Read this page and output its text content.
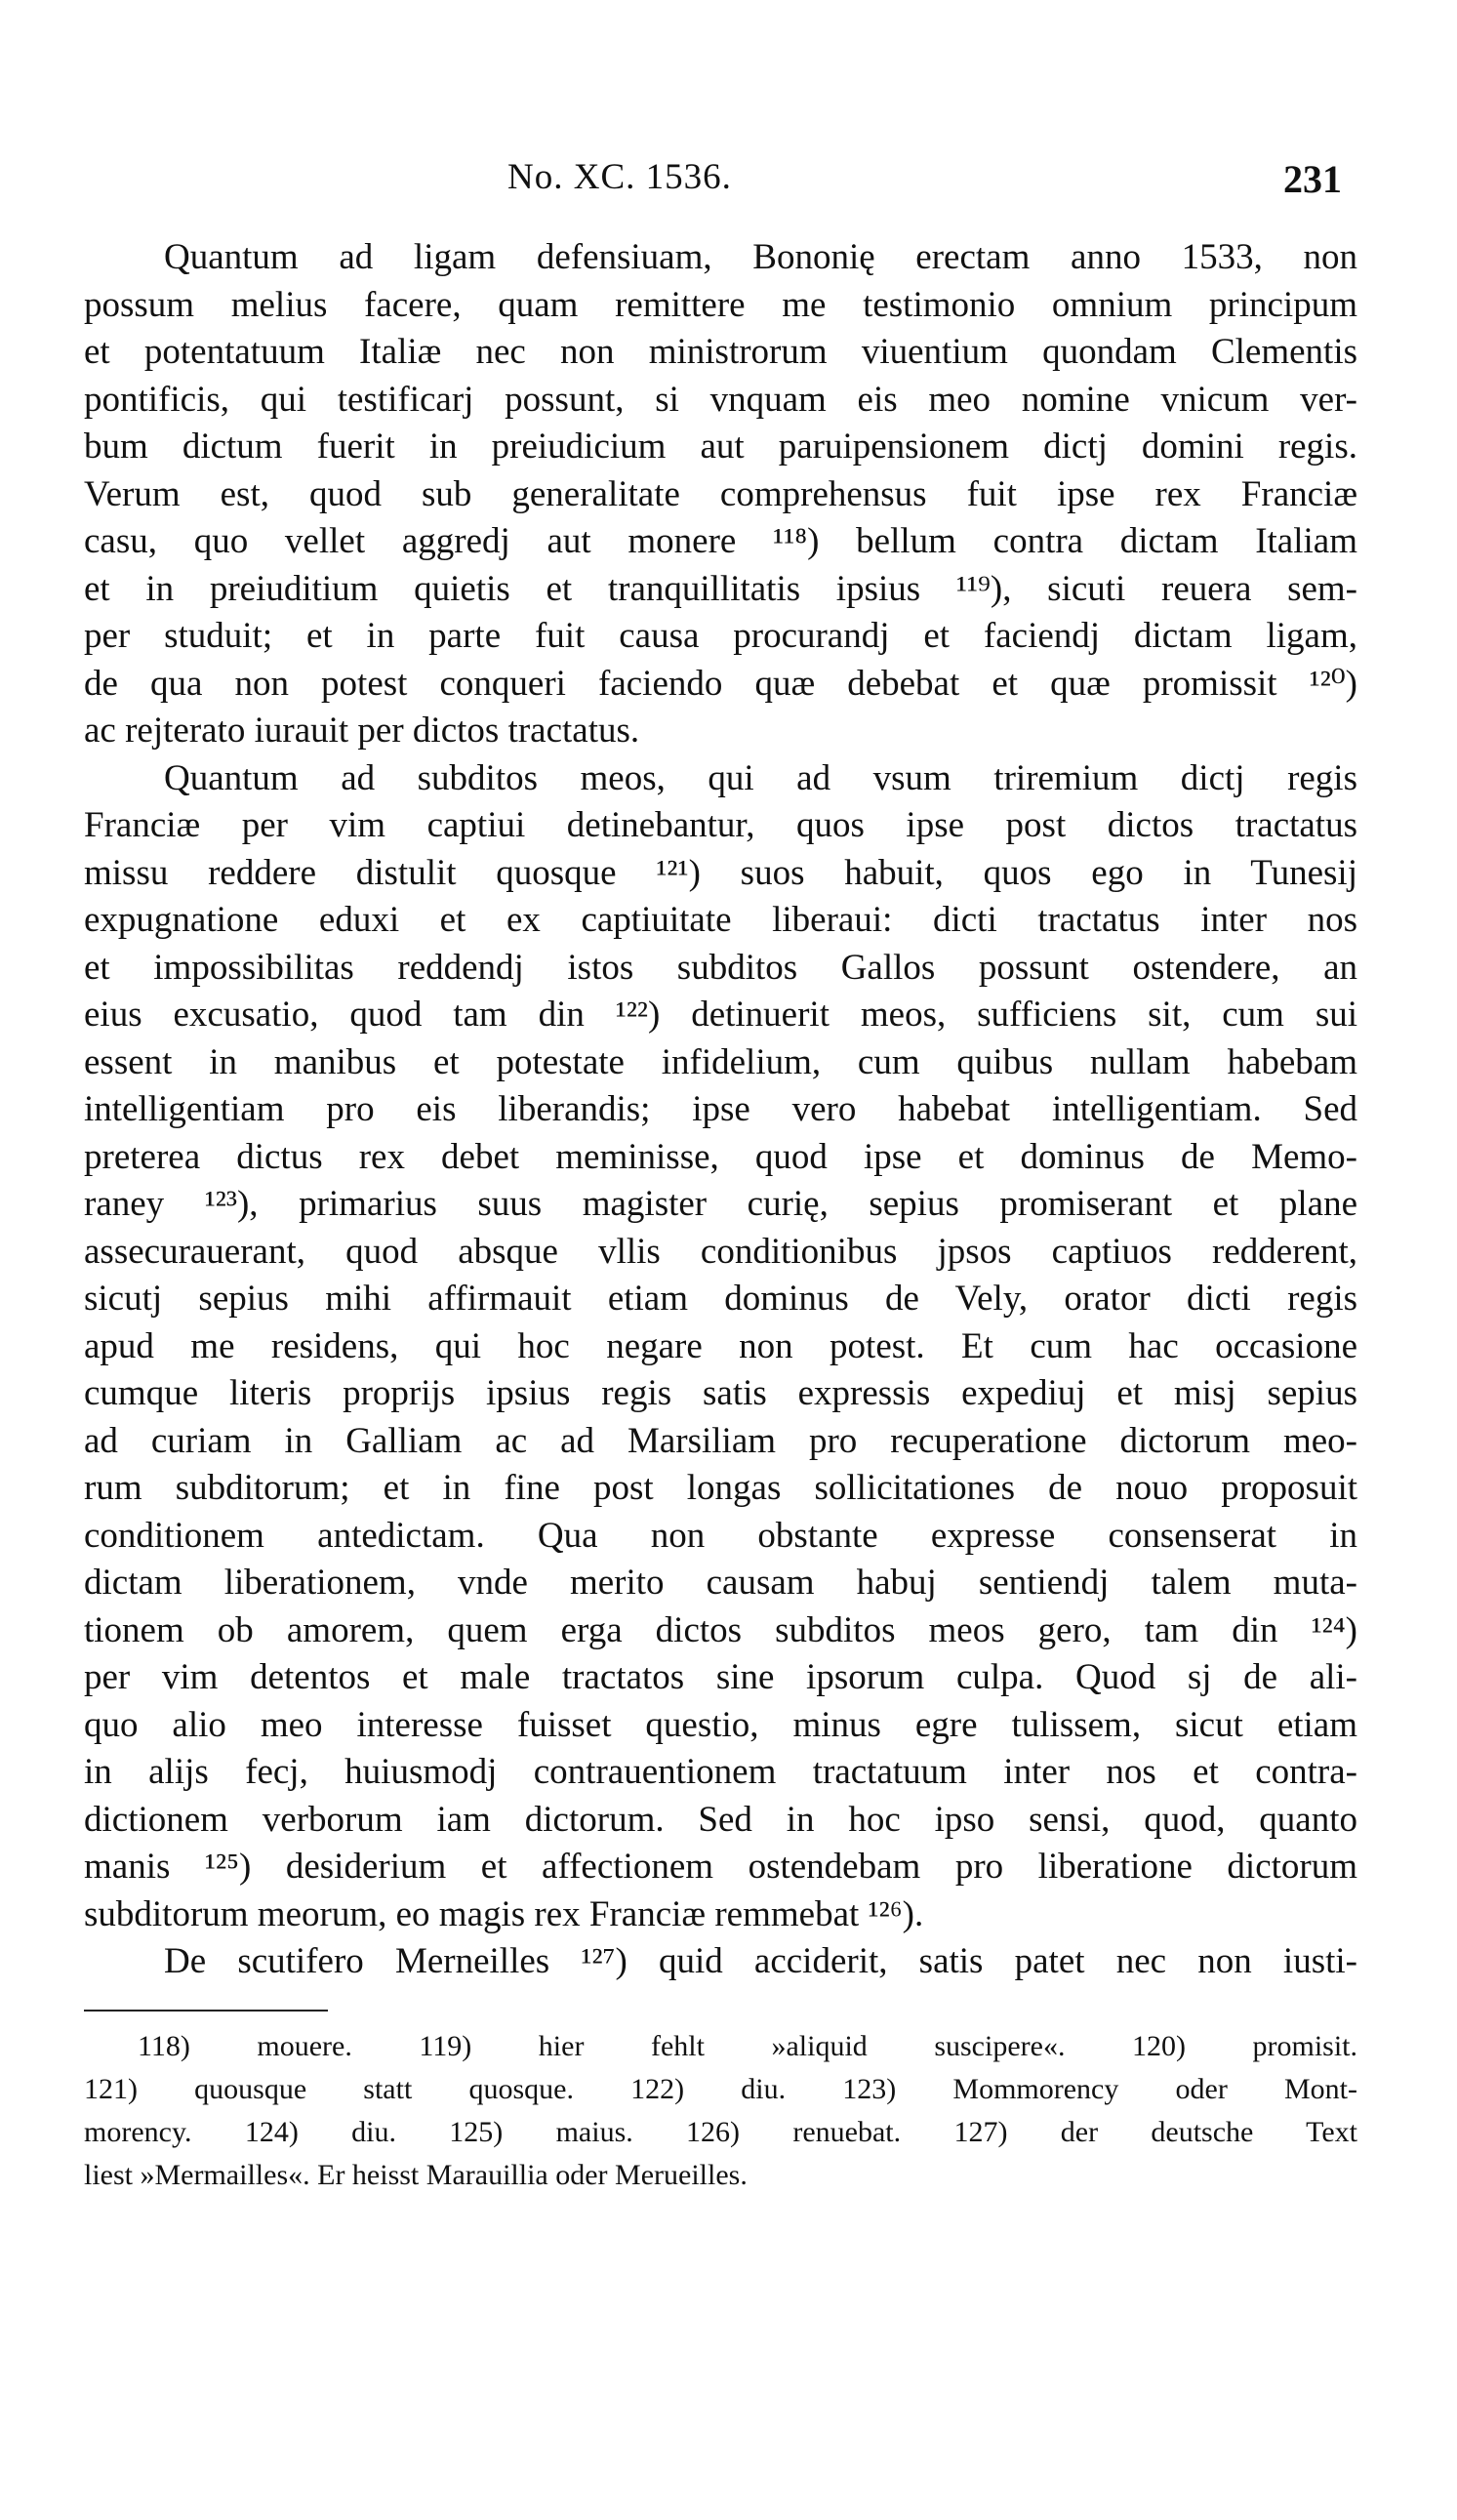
No. XC. 1536.	231
Quantum ad ligam defensiuam, Bononię erectam anno 1533, non
possum melius facere, quam remittere me testimonio omnium principum
et potentatuum Italiæ nec non ministrorum viuentium quondam Clementis
pontificis, qui testificarj possunt, si vnquam eis meo nomine vnicum ver-
bum dictum fuerit in preiudicium aut paruipensionem dictj domini regis.
Verum est, quod sub generalitate comprehensus fuit ipse rex Franciæ
casu, quo vellet aggredj aut monere ¹¹⁸) bellum contra dictam Italiam
et in preiuditium quietis et tranquillitatis ipsius ¹¹⁹), sicuti reuera sem-
per studuit; et in parte fuit causa procurandj et faciendj dictam ligam,
de qua non potest conqueri faciendo quæ debebat et quæ promissit ¹²⁰)
ac rejterato iurauit per dictos tractatus.
Quantum ad subditos meos, qui ad vsum triremium dictj regis
Franciæ per vim captiui detinebantur, quos ipse post dictos tractatus
missu reddere distulit quosque ¹²¹) suos habuit, quos ego in Tunesij
expugnatione eduxi et ex captiuitate liberaui: dicti tractatus inter nos
et impossibilitas reddendj istos subditos Gallos possunt ostendere, an
eius excusatio, quod tam din ¹²²) detinuerit meos, sufficiens sit, cum sui
essent in manibus et potestate infidelium, cum quibus nullam habebam
intelligentiam pro eis liberandis; ipse vero habebat intelligentiam. Sed
preterea dictus rex debet meminisse, quod ipse et dominus de Memo-
raney ¹²³), primarius suus magister curię, sepius promiserant et plane
assecurauerant, quod absque vllis conditionibus jpsos captiuos redderent,
sicutj sepius mihi affirmauit etiam dominus de Vely, orator dicti regis
apud me residens, qui hoc negare non potest. Et cum hac occasione
cumque literis proprijs ipsius regis satis expressis expediuj et misj sepius
ad curiam in Galliam ac ad Marsiliam pro recuperatione dictorum meo-
rum subditorum; et in fine post longas sollicitationes de nouo proposuit
conditionem antedictam. Qua non obstante expresse consenserat in
dictam liberationem, vnde merito causam habuj sentiendj talem muta-
tionem ob amorem, quem erga dictos subditos meos gero, tam din ¹²⁴)
per vim detentos et male tractatos sine ipsorum culpa. Quod sj de ali-
quo alio meo interesse fuisset questio, minus egre tulissem, sicut etiam
in alijs fecj, huiusmodj contrauentionem tractatuum inter nos et contra-
dictionem verborum iam dictorum. Sed in hoc ipso sensi, quod, quanto
manis ¹²⁵) desiderium et affectionem ostendebam pro liberatione dictorum
subditorum meorum, eo magis rex Franciæ remmebat ¹²⁶).
De scutifero Merneilles ¹²⁷) quid acciderit, satis patet nec non iusti-
118) mouere. 119) hier fehlt »aliquid suscipere«. 120) promisit.
121) quousque statt quosque. 122) diu. 123) Mommorency oder Mont-
morency. 124) diu. 125) maius. 126) renuebat. 127) der deutsche Text
liest »Mermailles«. Er heisst Marauillia oder Merueilles.
